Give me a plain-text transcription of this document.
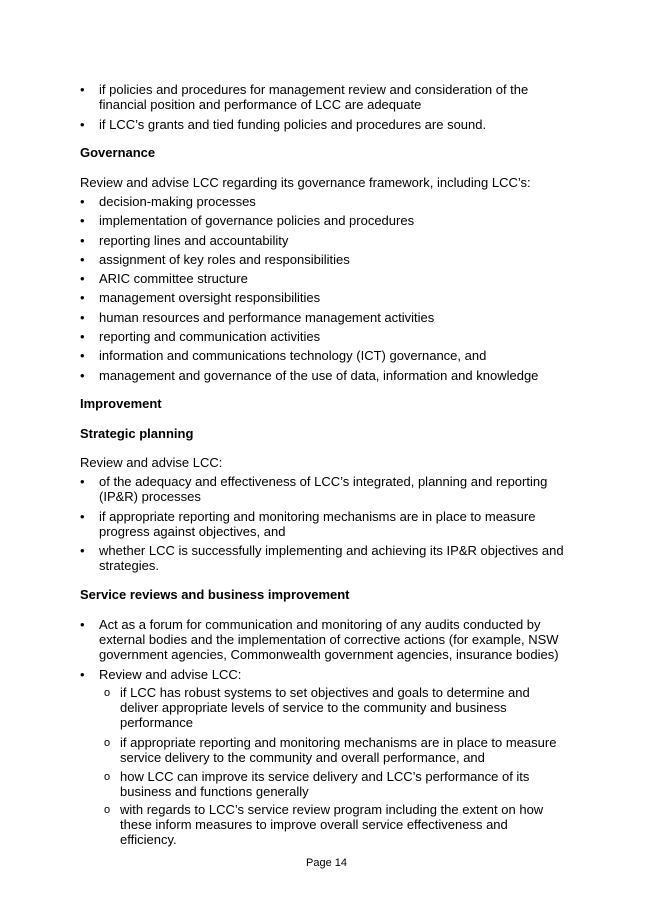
• if policies and procedures for management review and consideration of the
financial position and performance of LCC are adequate
• if LCC’s grants and tied funding policies and procedures are sound.
Governance
Review and advise LCC regarding its governance framework, including LCC’s:
• decision-making processes
• implementation of governance policies and procedures
• reporting lines and accountability
• assignment of key roles and responsibilities
• ARIC committee structure
• management oversight responsibilities
• human resources and performance management activities
• reporting and communication activities
• information and communications technology (ICT) governance, and
• management and governance of the use of data, information and knowledge
Improvement
Strategic planning
Review and advise LCC:
• of the adequacy and effectiveness of LCC’s integrated, planning and reporting
(IP&R) processes
• if appropriate reporting and monitoring mechanisms are in place to measure
progress against objectives, and
• whether LCC is successfully implementing and achieving its IP&R objectives and
strategies.
Service reviews and business improvement
• Act as a forum for communication and monitoring of any audits conducted by
external bodies and the implementation of corrective actions (for example, NSW
government agencies, Commonwealth government agencies, insurance bodies)
• Review and advise LCC:
o if LCC has robust systems to set objectives and goals to determine and
deliver appropriate levels of service to the community and business
performance
o if appropriate reporting and monitoring mechanisms are in place to measure
service delivery to the community and overall performance, and
o how LCC can improve its service delivery and LCC’s performance of its
business and functions generally
o with regards to LCC’s service review program including the extent on how
these inform measures to improve overall service effectiveness and
efficiency.
Page 14
